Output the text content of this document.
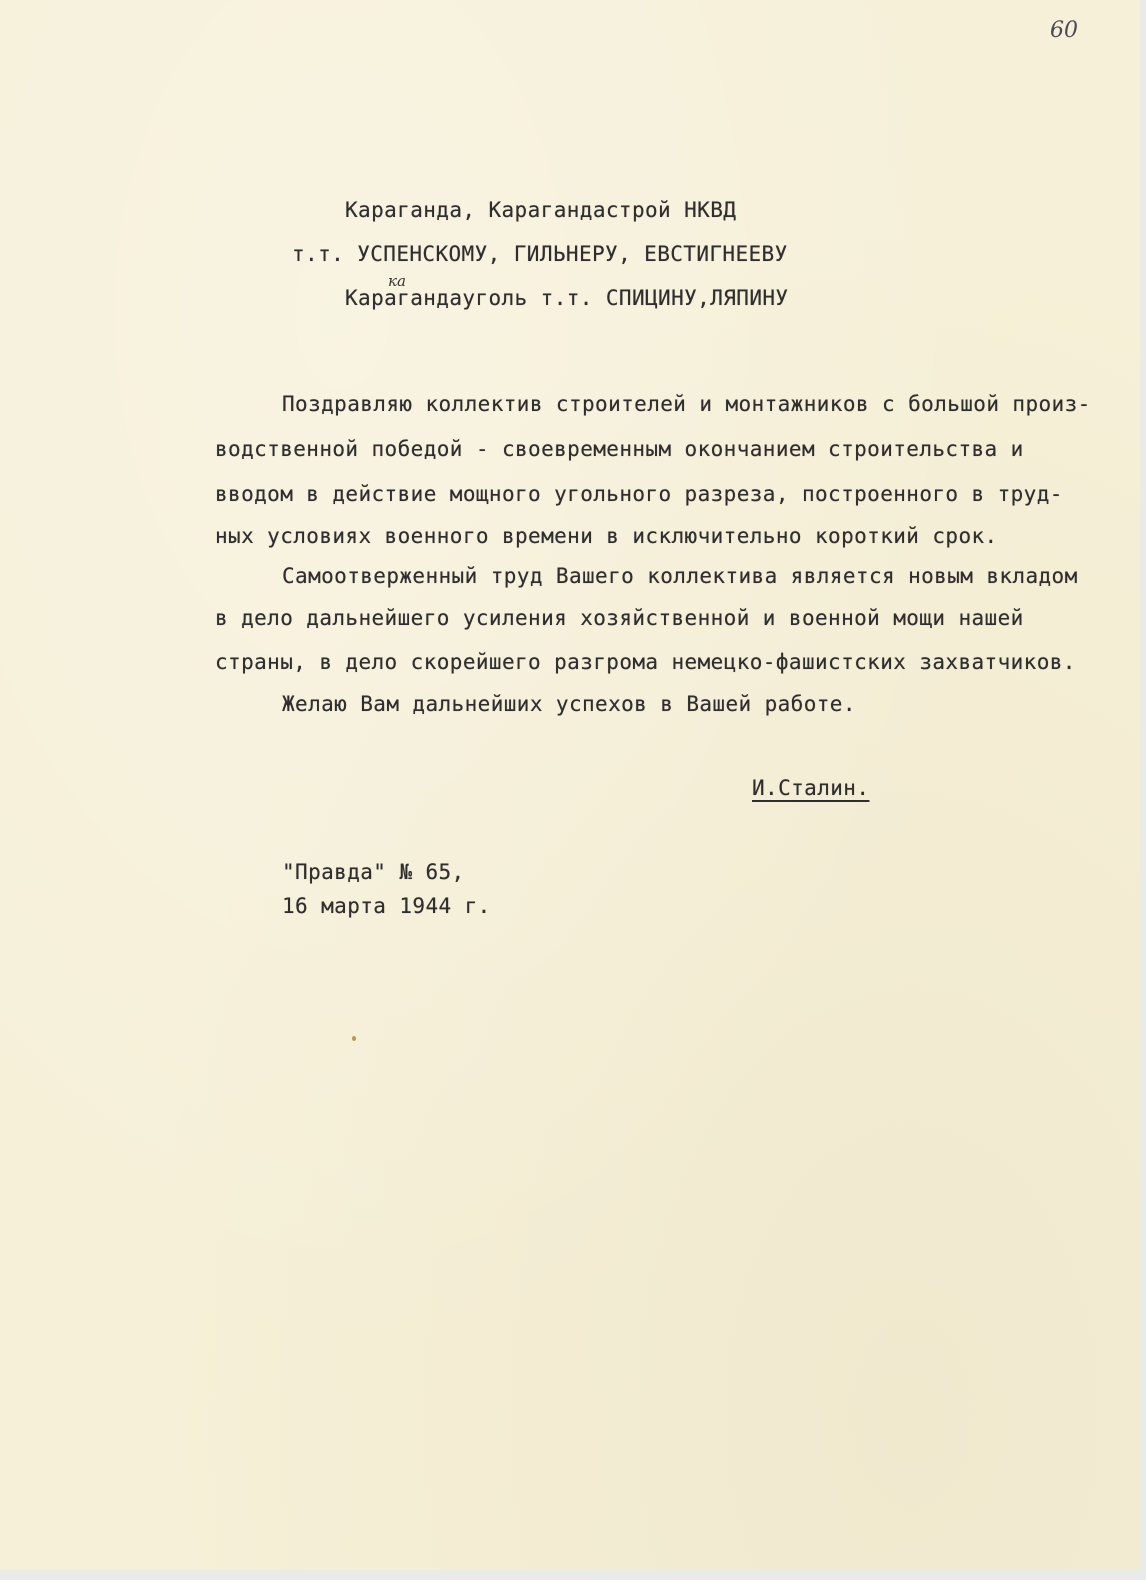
60
Караганда, Карагандастрой НКВД
т.т. УСПЕНСКОМУ, ГИЛЬНЕРУ, ЕВСТИГНЕЕВУ
ка
Карагандауголь т.т. СПИЦИНУ,ЛЯПИНУ
Поздравляю коллектив строителей и монтажников с большой произ-
водственной победой - своевременным окончанием строительства и
вводом в действие мощного угольного разреза, построенного в труд-
ных условиях военного времени в исключительно короткий срок.
Самоотверженный труд Вашего коллектива является новым вкладом
в дело дальнейшего усиления хозяйственной и военной мощи нашей
страны, в дело скорейшего разгрома немецко-фашистских захватчиков.
Желаю Вам дальнейших успехов в Вашей работе.
И.Сталин.
"Правда" № 65,
16 марта 1944 г.
